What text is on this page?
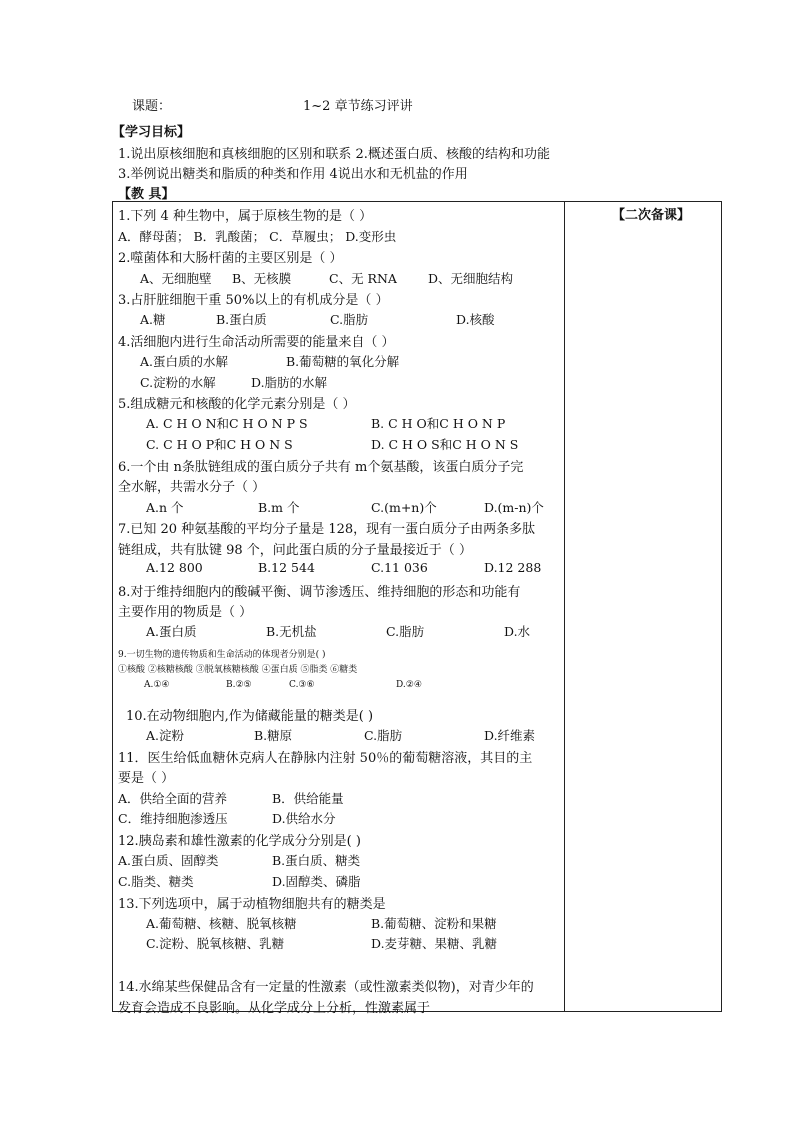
课题：	1~2 章节练习评讲
【学习目标】
1.说出原核细胞和真核细胞的区别和联系 2.概述蛋白质、核酸的结构和功能
3.举例说出糖类和脂质的种类和作用 4说出水和无机盐的作用
【教 具】
【二次备课】
1.下列 4 种生物中，属于原核生物的是（ ）
A．酵母菌； B．乳酸菌； C．草履虫； D.变形虫
2.噬菌体和大肠杆菌的主要区别是（ ）
A、无细胞壁 B、无核膜	C、无 RNA D、无细胞结构
3.占肝脏细胞干重 50%以上的有机成分是（ ）
A.糖	B.蛋白质	C.脂肪	D.核酸
4.活细胞内进行生命活动所需要的能量来自（ ）
A.蛋白质的水解	B.葡萄糖的氧化分解
C.淀粉的水解	D.脂肪的水解
5.组成糖元和核酸的化学元素分别是（ ）
A. C H O N和C H O N P S	B. C H O和C H O N P
C. C H O P和C H O N S	D. C H O S和C H O N S
6.一个由 n条肽链组成的蛋白质分子共有 m个氨基酸，该蛋白质分子完
全水解，共需水分子（ ）
A.n 个	B.m 个	C.(m+n)个	D.(m-n)个
7.已知 20 种氨基酸的平均分子量是 128，现有一蛋白质分子由两条多肽
链组成，共有肽键 98 个，问此蛋白质的分子量最接近于（ ）
A.12 800	B.12 544	C.11 036	D.12 288
8.对于维持细胞内的酸碱平衡、调节渗透压、维持细胞的形态和功能有
主要作用的物质是（ ）
A.蛋白质	B.无机盐	C.脂肪	D.水
9.一切生物的遗传物质和生命活动的体现者分别是( )
①核酸 ②核糖核酸 ③脱氧核糖核酸 ④蛋白质 ⑤脂类 ⑥糖类
A.①④	B.②⑤	C.③⑥	D.②④
10.在动物细胞内,作为储藏能量的糖类是( )
A.淀粉	B.糖原	C.脂肪	D.纤维素
11．医生给低血糖休克病人在静脉内注射 50％的葡萄糖溶液，其目的主
要是（ ）
A．供给全面的营养	B．供给能量
C．维持细胞渗透压	D.供给水分
12.胰岛素和雄性激素的化学成分分别是( )
A.蛋白质、固醇类	B.蛋白质、糖类
C.脂类、糖类	D.固醇类、磷脂
13.下列选项中，属于动植物细胞共有的糖类是
A.葡萄糖、核糖、脱氧核糖	B.葡萄糖、淀粉和果糖
C.淀粉、脱氧核糖、乳糖	D.麦芽糖、果糖、乳糖
14.水绵某些保健品含有一定量的性激素（或性激素类似物)，对青少年的
发育会造成不良影响。从化学成分上分析，性激素属于
